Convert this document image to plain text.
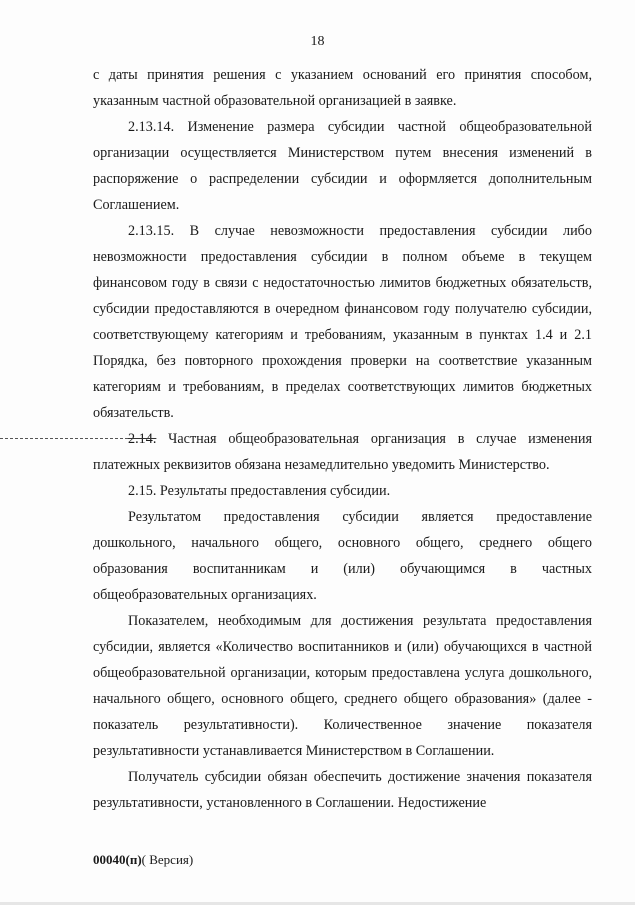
18

с даты принятия решения с указанием оснований его принятия способом, указанным частной образовательной организацией в заявке.

2.13.14. Изменение размера субсидии частной общеобразовательной организации осуществляется Министерством путем внесения изменений в распоряжение о распределении субсидии и оформляется дополнительным Соглашением.

2.13.15. В случае невозможности предоставления субсидии либо невозможности предоставления субсидии в полном объеме в текущем финансовом году в связи с недостаточностью лимитов бюджетных обязательств, субсидии предоставляются в очередном финансовом году получателю субсидии, соответствующему категориям и требованиям, указанным в пунктах 1.4 и 2.1 Порядка, без повторного прохождения проверки на соответствие указанным категориям и требованиям, в пределах соответствующих лимитов бюджетных обязательств.

2.14. Частная общеобразовательная организация в случае изменения платежных реквизитов обязана незамедлительно уведомить Министерство.

2.15. Результаты предоставления субсидии.

Результатом предоставления субсидии является предоставление дошкольного, начального общего, основного общего, среднего общего образования воспитанникам и (или) обучающимся в частных общеобразовательных организациях.

Показателем, необходимым для достижения результата предоставления субсидии, является «Количество воспитанников и (или) обучающихся в частной общеобразовательной организации, которым предоставлена услуга дошкольного, начального общего, основного общего, среднего общего образования» (далее - показатель результативности). Количественное значение показателя результативности устанавливается Министерством в Соглашении.

Получатель субсидии обязан обеспечить достижение значения показателя результативности, установленного в Соглашении. Недостижение

00040(п)( Версия)
